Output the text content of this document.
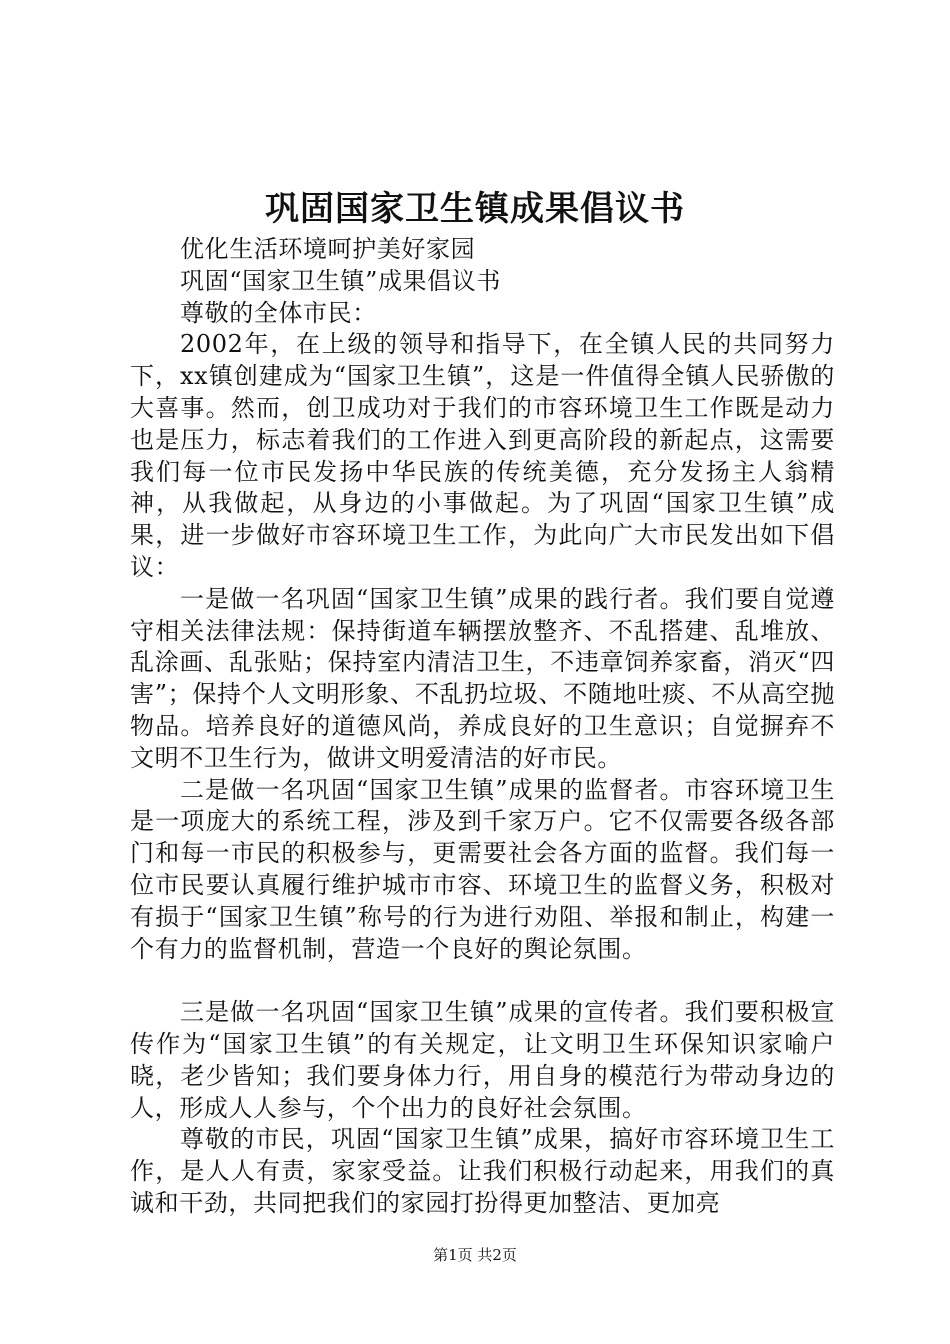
巩固国家卫生镇成果倡议书

优化生活环境呵护美好家园

巩固“国家卫生镇”成果倡议书

尊敬的全体市民：

2002年，在上级的领导和指导下，在全镇人民的共同努力下，xx镇创建成为“国家卫生镇”，这是一件值得全镇人民骄傲的大喜事。然而，创卫成功对于我们的市容环境卫生工作既是动力也是压力，标志着我们的工作进入到更高阶段的新起点，这需要我们每一位市民发扬中华民族的传统美德，充分发扬主人翁精神，从我做起，从身边的小事做起。为了巩固“国家卫生镇”成果，进一步做好市容环境卫生工作，为此向广大市民发出如下倡议：

一是做一名巩固“国家卫生镇”成果的践行者。我们要自觉遵守相关法律法规：保持街道车辆摆放整齐、不乱搭建、乱堆放、乱涂画、乱张贴；保持室内清洁卫生，不违章饲养家畜，消灭“四害”；保持个人文明形象、不乱扔垃圾、不随地吐痰、不从高空抛物品。培养良好的道德风尚，养成良好的卫生意识；自觉摒弃不文明不卫生行为，做讲文明爱清洁的好市民。

二是做一名巩固“国家卫生镇”成果的监督者。市容环境卫生是一项庞大的系统工程，涉及到千家万户。它不仅需要各级各部门和每一市民的积极参与，更需要社会各方面的监督。我们每一位市民要认真履行维护城市市容、环境卫生的监督义务，积极对有损于“国家卫生镇”称号的行为进行劝阻、举报和制止，构建一个有力的监督机制，营造一个良好的舆论氛围。

三是做一名巩固“国家卫生镇”成果的宣传者。我们要积极宣传作为“国家卫生镇”的有关规定，让文明卫生环保知识家喻户晓，老少皆知；我们要身体力行，用自身的模范行为带动身边的人，形成人人参与，个个出力的良好社会氛围。

尊敬的市民，巩固“国家卫生镇”成果，搞好市容环境卫生工作，是人人有责，家家受益。让我们积极行动起来，用我们的真诚和干劲，共同把我们的家园打扮得更加整洁、更加亮

第1页 共2页
